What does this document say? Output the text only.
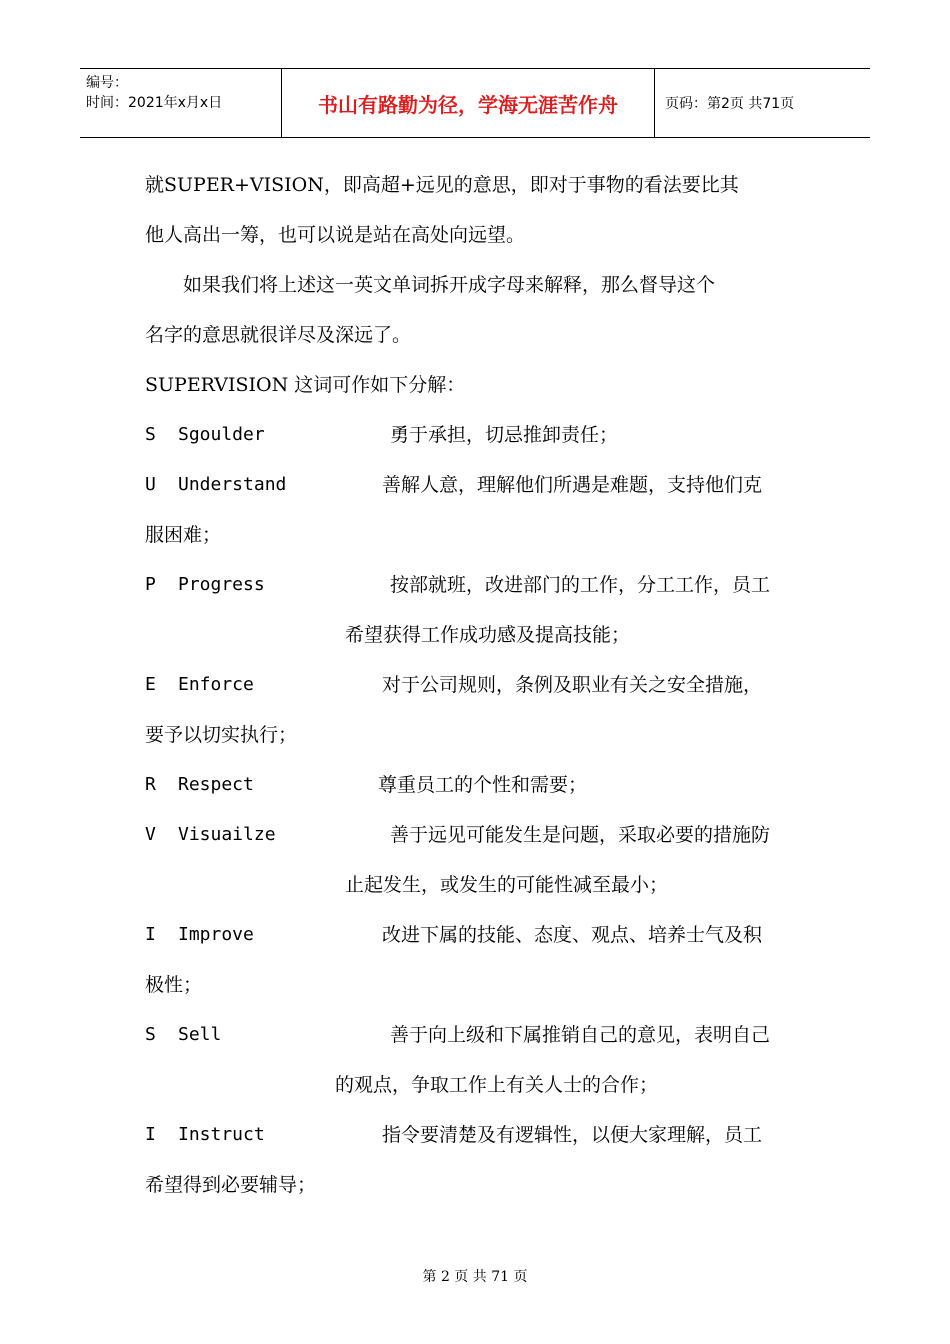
编号：
时间：2021年x月x日	书山有路勤为径，学海无涯苦作舟	页码：第2页 共71页

就SUPER+VISION，即高超+远见的意思，即对于事物的看法要比其

他人高出一筹，也可以说是站在高处向远望。

如果我们将上述这一英文单词拆开成字母来解释，那么督导这个

名字的意思就很详尽及深远了。

SUPERVISION 这词可作如下分解：

S	Sgoulder	勇于承担，切忌推卸责任；
U	Understand	善解人意，理解他们所遇是难题，支持他们克

服困难；

P	Progress	按部就班，改进部门的工作，分工工作，员工

希望获得工作成功感及提高技能；

E	Enforce	对于公司规则，条例及职业有关之安全措施，

要予以切实执行；

R	Respect	尊重员工的个性和需要；
V	Visuailze	善于远见可能发生是问题，采取必要的措施防

止起发生，或发生的可能性减至最小；

I	Improve	改进下属的技能、态度、观点、培养士气及积

极性；

S	Sell	善于向上级和下属推销自己的意见，表明自己

的观点，争取工作上有关人士的合作；

I	Instruct	指令要清楚及有逻辑性，以便大家理解，员工

希望得到必要辅导；

第 2 页 共 71 页
